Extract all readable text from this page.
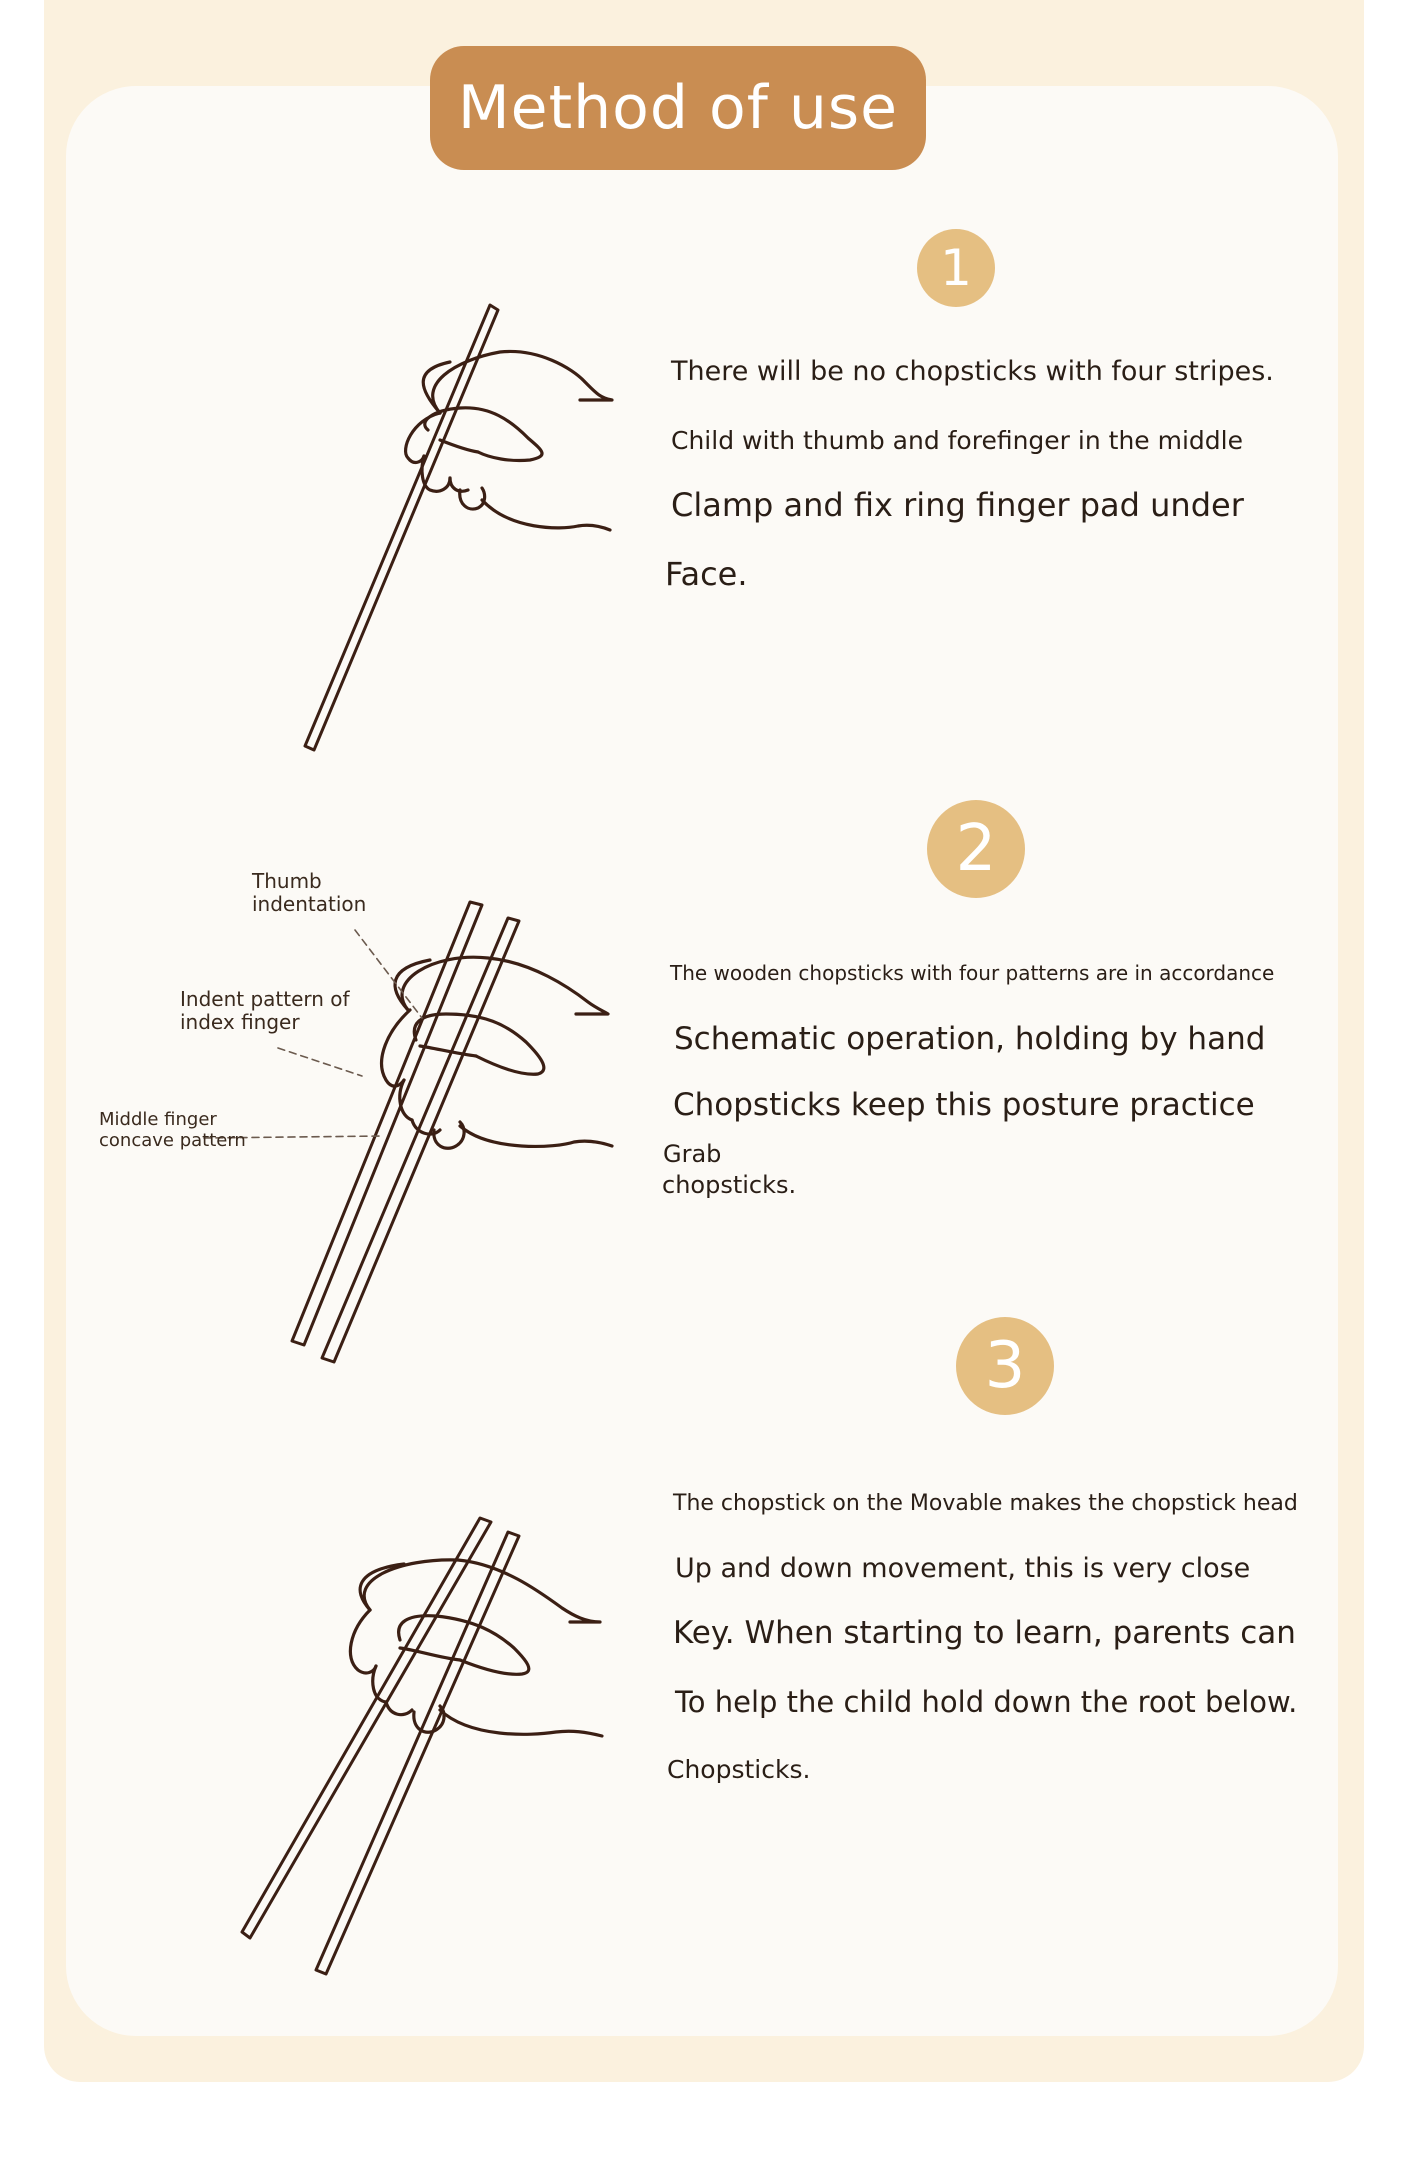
Method of use
1
There will be no chopsticks with four stripes.
Child with thumb and forefinger in the middle
Clamp and fix ring finger pad under
Face.
2
Thumb
indentation
Indent pattern of
index finger
Middle finger
concave pattern
The wooden chopsticks with four patterns are in accordance
Schematic operation, holding by hand
Chopsticks keep this posture practice
Grab
chopsticks.
3
The chopstick on the Movable makes the chopstick head
Up and down movement, this is very close
Key. When starting to learn, parents can
To help the child hold down the root below.
Chopsticks.
